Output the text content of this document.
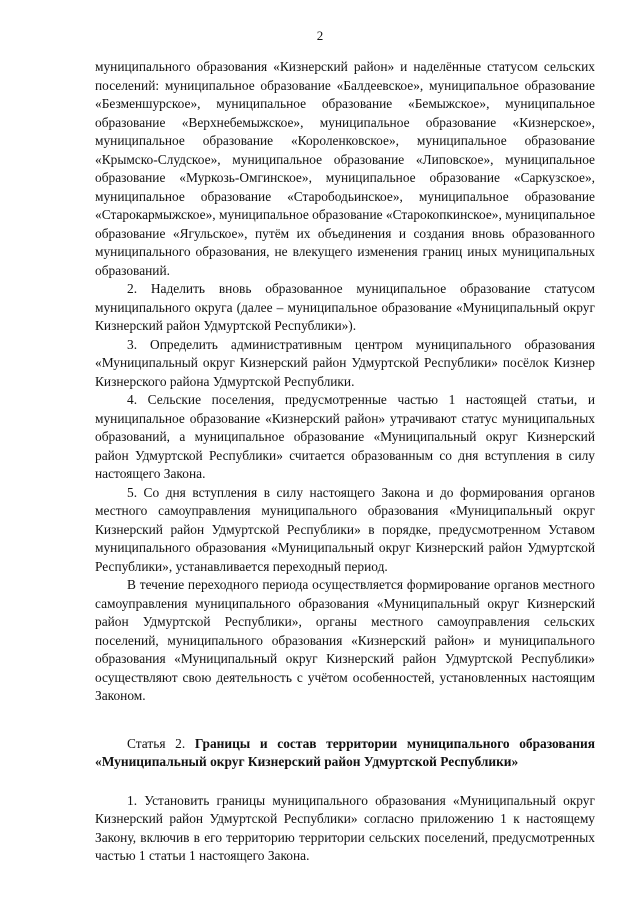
2

муниципального образования «Кизнерский район» и наделённые статусом сельских поселений: муниципальное образование «Балдеевское», муниципальное образование «Безменшурское», муниципальное образование «Бемыжское», муниципальное образование «Верхнебемыжское», муниципальное образование «Кизнерское», муниципальное образование «Короленковское», муниципальное образование «Крымско-Слудское», муниципальное образование «Липовское», муниципальное образование «Муркозь-Омгинское», муниципальное образование «Саркузское», муниципальное образование «Старободьинское», муниципальное образование «Старокармыжское», муниципальное образование «Старокопкинское», муниципальное образование «Ягульское», путём их объединения и создания вновь образованного муниципального образования, не влекущего изменения границ иных муниципальных образований.

2. Наделить вновь образованное муниципальное образование статусом муниципального округа (далее – муниципальное образование «Муниципальный округ Кизнерский район Удмуртской Республики»).

3. Определить административным центром муниципального образования «Муниципальный округ Кизнерский район Удмуртской Республики» посёлок Кизнер Кизнерского района Удмуртской Республики.

4. Сельские поселения, предусмотренные частью 1 настоящей статьи, и муниципальное образование «Кизнерский район» утрачивают статус муниципальных образований, а муниципальное образование «Муниципальный округ Кизнерский район Удмуртской Республики» считается образованным со дня вступления в силу настоящего Закона.

5. Со дня вступления в силу настоящего Закона и до формирования органов местного самоуправления муниципального образования «Муниципальный округ Кизнерский район Удмуртской Республики» в порядке, предусмотренном Уставом муниципального образования «Муниципальный округ Кизнерский район Удмуртской Республики», устанавливается переходный период.

В течение переходного периода осуществляется формирование органов местного самоуправления муниципального образования «Муниципальный округ Кизнерский район Удмуртской Республики», органы местного самоуправления сельских поселений, муниципального образования «Кизнерский район» и муниципального образования «Муниципальный округ Кизнерский район Удмуртской Республики» осуществляют свою деятельность с учётом особенностей, установленных настоящим Законом.

Статья 2. Границы и состав территории муниципального образования «Муниципальный округ Кизнерский район Удмуртской Республики»

1. Установить границы муниципального образования «Муниципальный округ Кизнерский район Удмуртской Республики» согласно приложению 1 к настоящему Закону, включив в его территорию территории сельских поселений, предусмотренных частью 1 статьи 1 настоящего Закона.
